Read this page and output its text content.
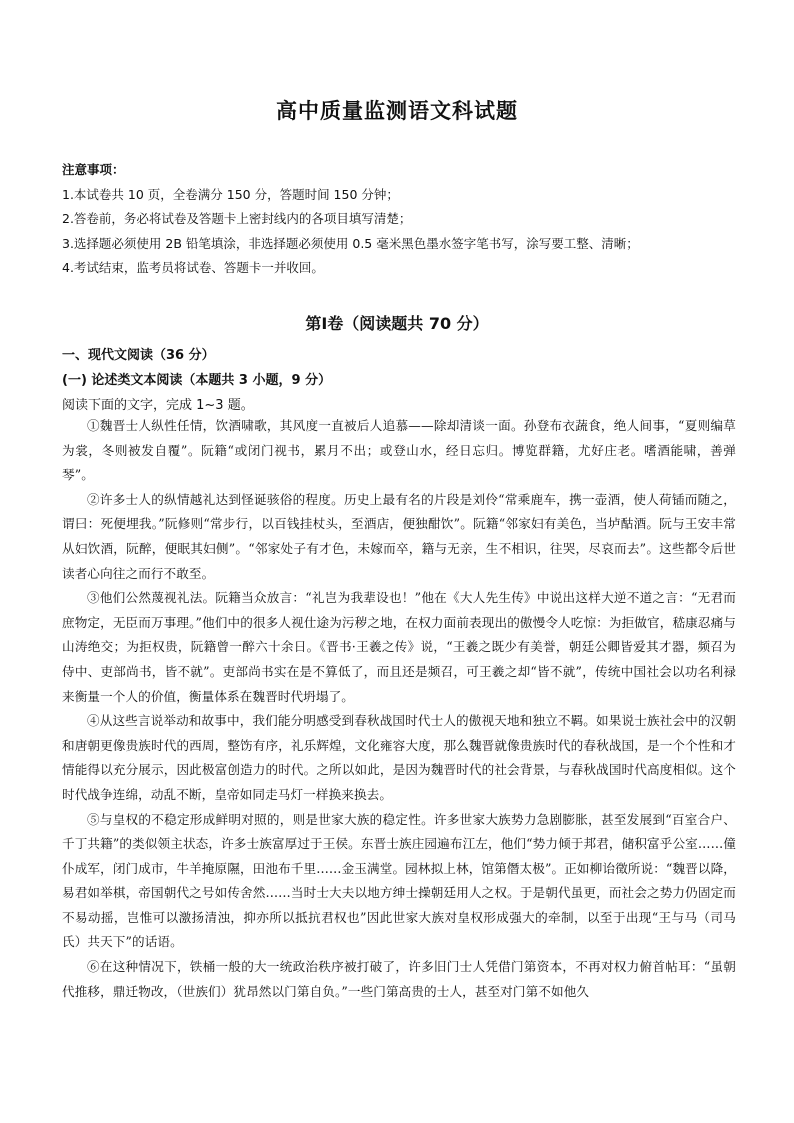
高中质量监测语文科试题
注意事项：
1.本试卷共 10 页，全卷满分 150 分，答题时间 150 分钟；
2.答卷前，务必将试卷及答题卡上密封线内的各项目填写清楚；
3.选择题必须使用 2B 铅笔填涂，非选择题必须使用 0.5 毫米黑色墨水签字笔书写，涂写要工整、清晰；
4.考试结束，监考员将试卷、答题卡一并收回。
第Ⅰ卷（阅读题共 70 分）
一、现代文阅读（36 分）
(一) 论述类文本阅读（本题共 3 小题，9 分）
阅读下面的文字，完成 1~3 题。

①魏晋士人纵性任情，饮酒啸歌，其风度一直被后人追慕——除却清谈一面。孙登布衣蔬食，绝人间事，“夏则编草为裳，冬则被发自覆”。阮籍“或闭门视书，累月不出；或登山水，经日忘归。博览群籍，尤好庄老。嗜酒能啸，善弹琴”。

②许多士人的纵情越礼达到怪诞骇俗的程度。历史上最有名的片段是刘伶“常乘鹿车，携一壶酒，使人荷锸而随之，谓曰：死便埋我。”阮修则“常步行，以百钱挂杖头，至酒店，便独酣饮”。阮籍“邻家妇有美色，当垆酤酒。阮与王安丰常从妇饮酒，阮醉，便眠其妇侧”。“邻家处子有才色，未嫁而卒，籍与无亲，生不相识，往哭，尽哀而去”。这些都令后世读者心向往之而行不敢至。

③他们公然蔑视礼法。阮籍当众放言：“礼岂为我辈设也！”他在《大人先生传》中说出这样大逆不道之言：“无君而庶物定，无臣而万事理。”他们中的很多人视仕途为污秽之地，在权力面前表现出的傲慢令人吃惊：为拒做官，嵇康忍痛与山涛绝交；为拒权贵，阮籍曾一醉六十余日。《晋书·王羲之传》说，“王羲之既少有美誉，朝廷公卿皆爱其才器，频召为侍中、吏部尚书，皆不就”。吏部尚书实在是不算低了，而且还是频召，可王羲之却“皆不就”，传统中国社会以功名利禄来衡量一个人的价值，衡量体系在魏晋时代坍塌了。

④从这些言说举动和故事中，我们能分明感受到春秋战国时代士人的傲视天地和独立不羁。如果说士族社会中的汉朝和唐朝更像贵族时代的西周，整饬有序，礼乐辉煌，文化雍容大度，那么魏晋就像贵族时代的春秋战国，是一个个性和才情能得以充分展示，因此极富创造力的时代。之所以如此，是因为魏晋时代的社会背景，与春秋战国时代高度相似。这个时代战争连绵，动乱不断，皇帝如同走马灯一样换来换去。

⑤与皇权的不稳定形成鲜明对照的，则是世家大族的稳定性。许多世家大族势力急剧膨胀，甚至发展到“百室合户、千丁共籍”的类似领主状态，许多士族富厚过于王侯。东晋士族庄园遍布江左，他们“势力倾于邦君，储积富乎公室……僮仆成军，闭门成市，牛羊掩原隰，田池布千里……金玉满堂。园林拟上林，馆第僭太极”。正如柳诒徵所说：“魏晋以降，易君如举棋，帝国朝代之号如传舍然……当时士大夫以地方绅士操朝廷用人之权。于是朝代虽更，而社会之势力仍固定而不易动摇，岂惟可以激扬清浊，抑亦所以抵抗君权也”因此世家大族对皇权形成强大的牵制，以至于出现“王与马（司马氏）共天下”的话语。

⑥在这种情况下，铁桶一般的大一统政治秩序被打破了，许多旧门士人凭借门第资本，不再对权力俯首帖耳：“虽朝代推移，鼎迁物改，（世族们）犹昂然以门第自负。”一些门第高贵的士人，甚至对门第不如他久
